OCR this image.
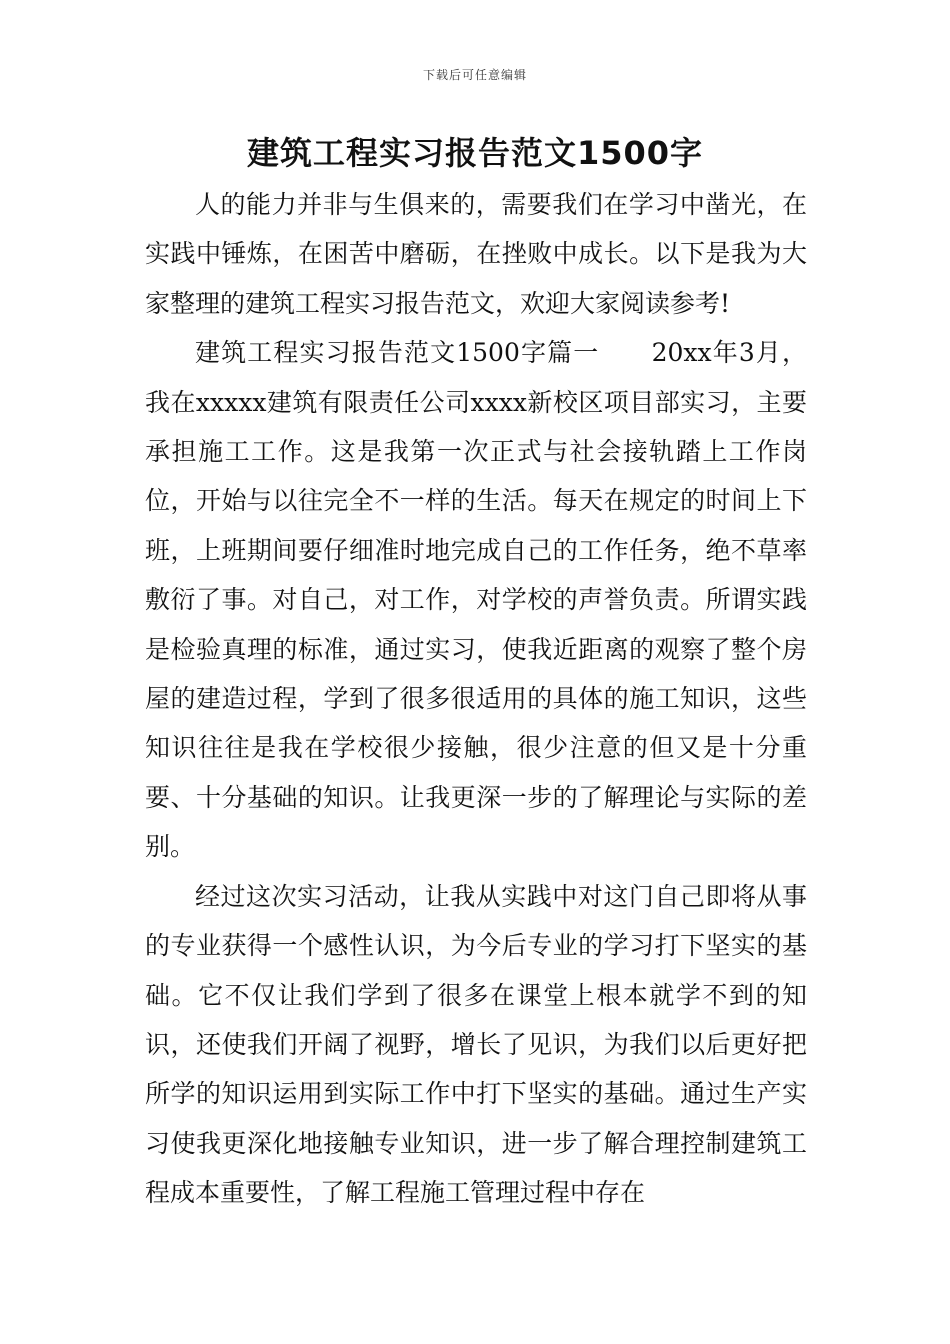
下载后可任意编辑
建筑工程实习报告范文1500字

人的能力并非与生俱来的，需要我们在学习中凿光，在实践中锤炼，在困苦中磨砺，在挫败中成长。以下是我为大家整理的建筑工程实习报告范文，欢迎大家阅读参考!

建筑工程实习报告范文1500字篇一　　20xx年3月，我在xxxxx建筑有限责任公司xxxx新校区项目部实习，主要承担施工工作。这是我第一次正式与社会接轨踏上工作岗位，开始与以往完全不一样的生活。每天在规定的时间上下班，上班期间要仔细准时地完成自己的工作任务，绝不草率敷衍了事。对自己，对工作，对学校的声誉负责。所谓实践是检验真理的标准，通过实习，使我近距离的观察了整个房屋的建造过程，学到了很多很适用的具体的施工知识，这些知识往往是我在学校很少接触，很少注意的但又是十分重要、十分基础的知识。让我更深一步的了解理论与实际的差别。

经过这次实习活动，让我从实践中对这门自己即将从事的专业获得一个感性认识，为今后专业的学习打下坚实的基础。它不仅让我们学到了很多在课堂上根本就学不到的知识，还使我们开阔了视野，增长了见识，为我们以后更好把所学的知识运用到实际工作中打下坚实的基础。通过生产实习使我更深化地接触专业知识，进一步了解合理控制建筑工程成本重要性，了解工程施工管理过程中存在
